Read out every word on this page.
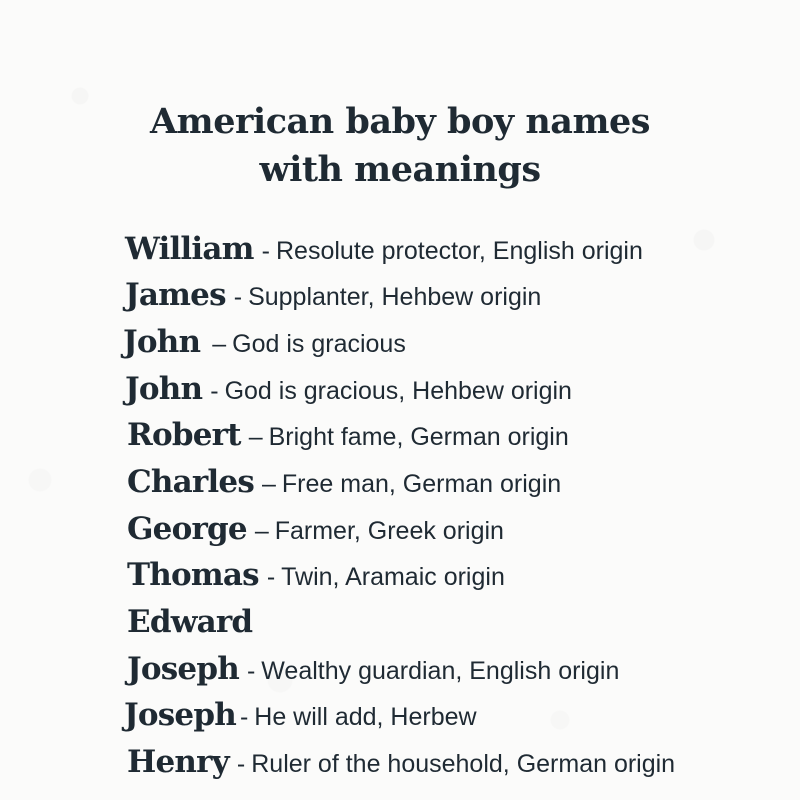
American baby boy names
with meanings
William - Resolute protector, English origin
James - Supplanter, Hehbew origin
John – God is gracious
John - God is gracious, Hehbew origin
Robert – Bright fame, German origin
Charles – Free man, German origin
George – Farmer, Greek origin
Thomas - Twin, Aramaic origin
Edward
Joseph - Wealthy guardian, English origin
Joseph - He will add, Herbew
Henry - Ruler of the household, German origin
